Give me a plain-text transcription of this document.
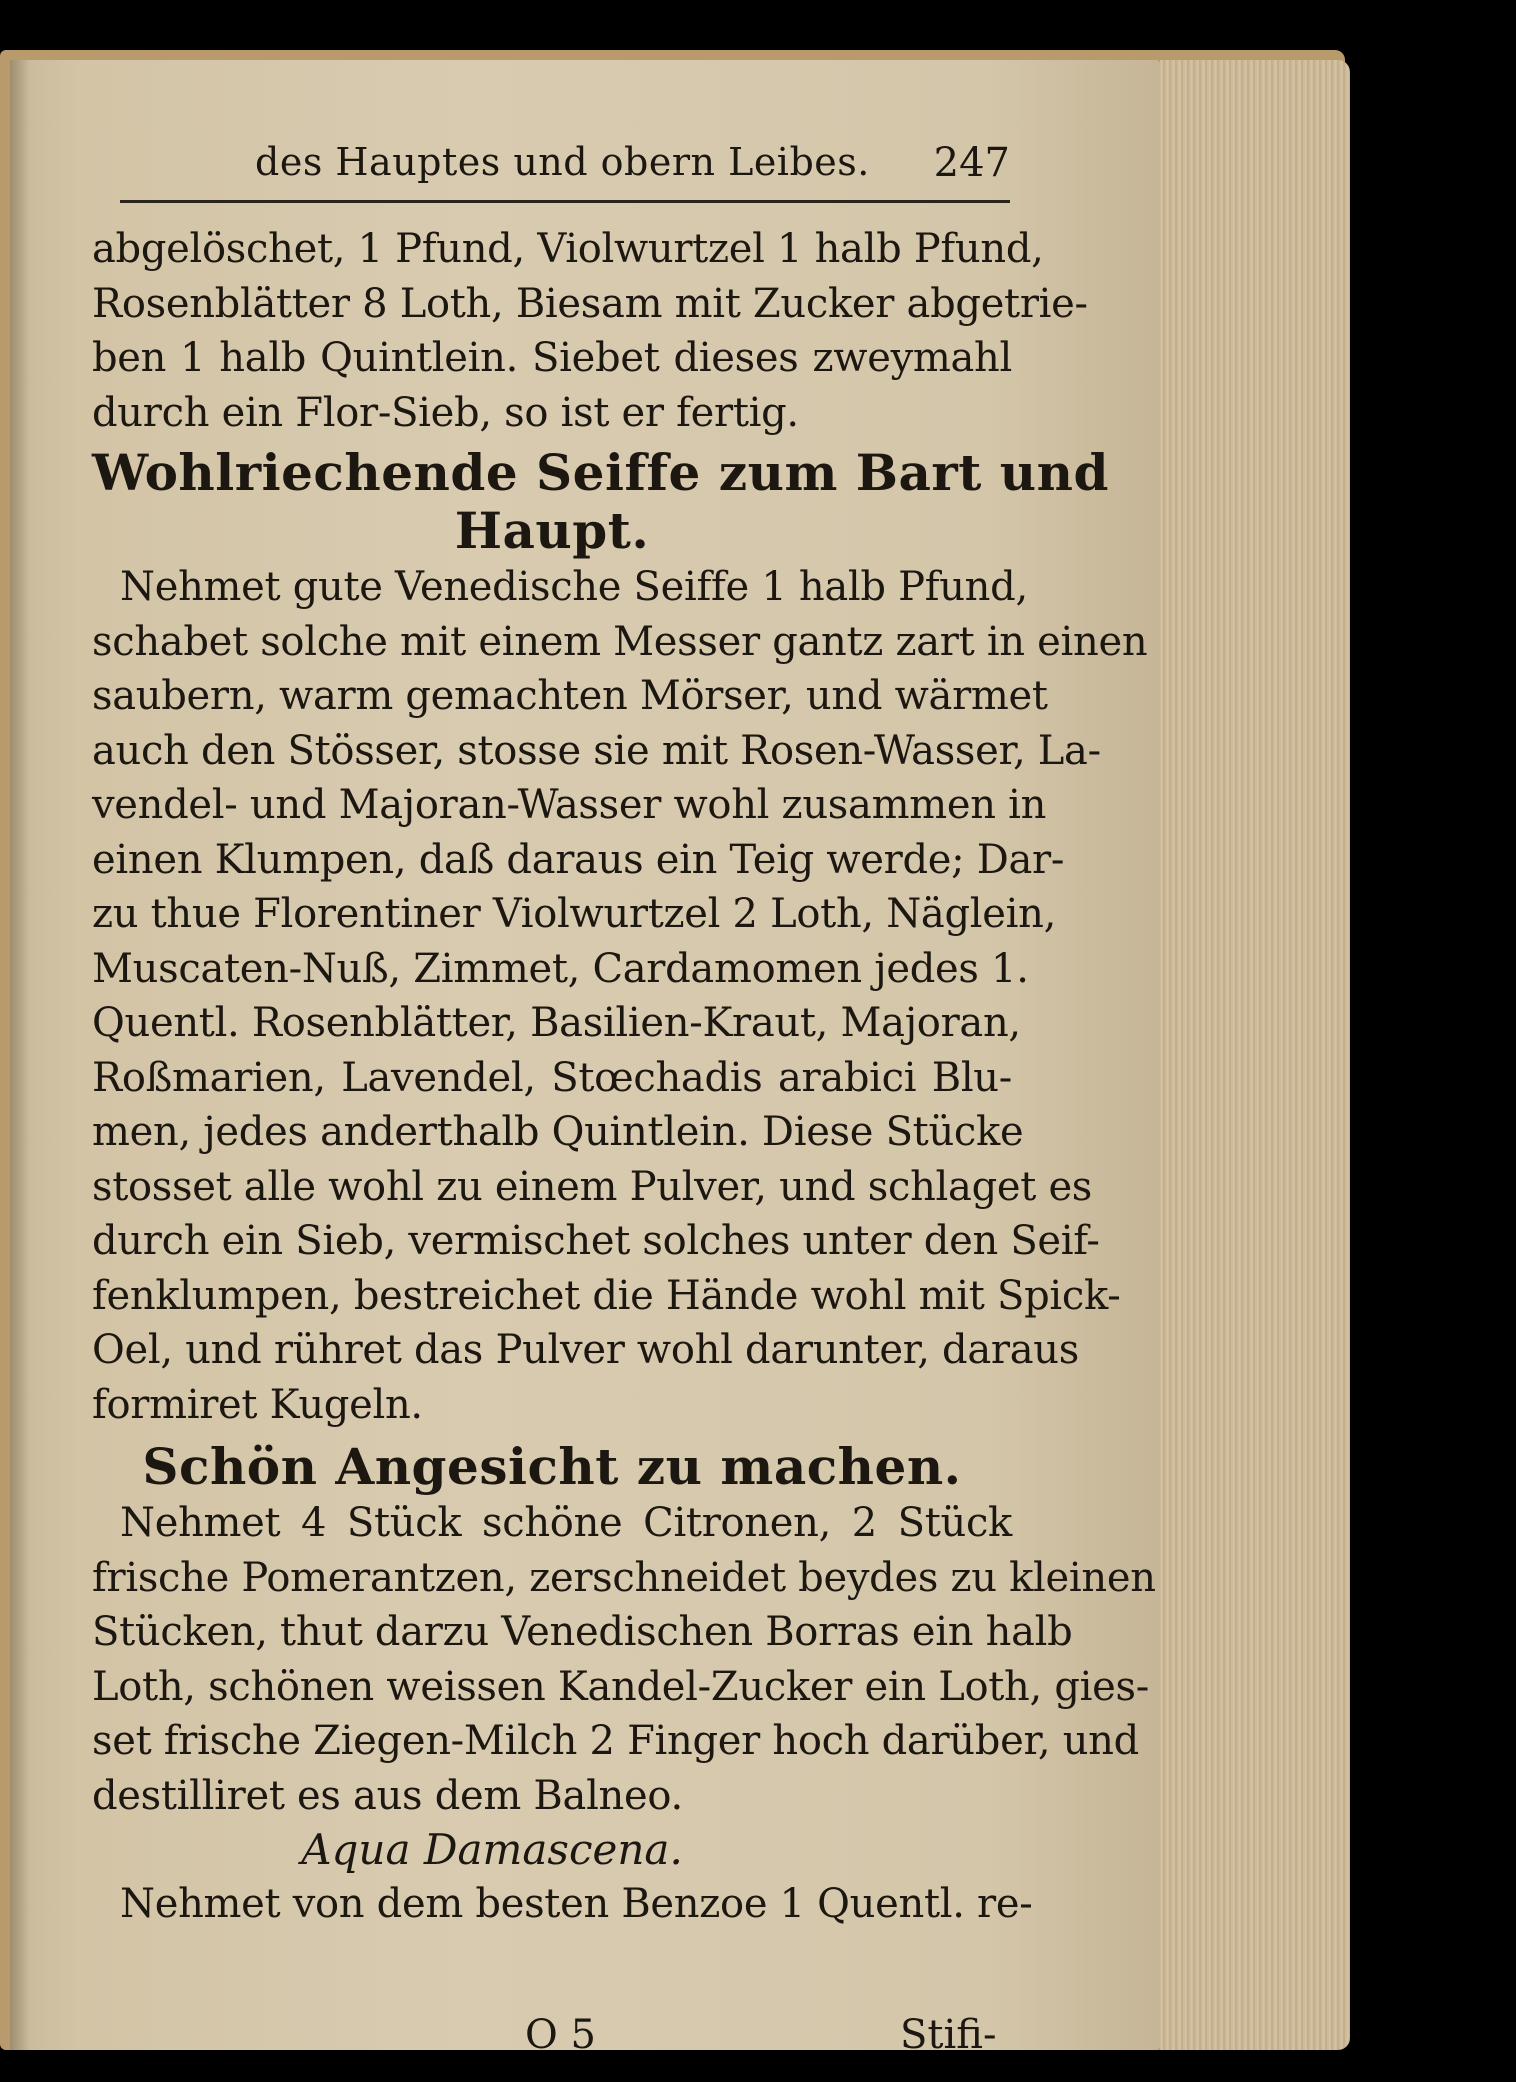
des Hauptes und obern Leibes. 247
abgelöschet, 1 Pfund, Violwurtzel 1 halb Pfund,
Rosenblätter 8 Loth, Biesam mit Zucker abgetrie-
ben 1 halb Quintlein. Siebet dieses zweymahl
durch ein Flor-Sieb, so ist er fertig.
Wohlriechende Seiffe zum Bart und
Haupt.
Nehmet gute Venedische Seiffe 1 halb Pfund,
schabet solche mit einem Messer gantz zart in einen
saubern, warm gemachten Mörser, und wärmet
auch den Stösser, stosse sie mit Rosen-Wasser, La-
vendel- und Majoran-Wasser wohl zusammen in
einen Klumpen, daß daraus ein Teig werde; Dar-
zu thue Florentiner Violwurtzel 2 Loth, Näglein,
Muscaten-Nuß, Zimmet, Cardamomen jedes 1.
Quentl. Rosenblätter, Basilien-Kraut, Majoran,
Roßmarien, Lavendel, Stœchadis arabici Blu-
men, jedes anderthalb Quintlein. Diese Stücke
stosset alle wohl zu einem Pulver, und schlaget es
durch ein Sieb, vermischet solches unter den Seif-
fenklumpen, bestreichet die Hände wohl mit Spick-
Oel, und rühret das Pulver wohl darunter, daraus
formiret Kugeln.
Schön Angesicht zu machen.
Nehmet 4 Stück schöne Citronen, 2 Stück
frische Pomerantzen, zerschneidet beydes zu kleinen
Stücken, thut darzu Venedischen Borras ein halb
Loth, schönen weissen Kandel-Zucker ein Loth, gies-
set frische Ziegen-Milch 2 Finger hoch darüber, und
destilliret es aus dem Balneo.
Aqua Damascena.
Nehmet von dem besten Benzoe 1 Quentl. re-
O 5	Stifi-
